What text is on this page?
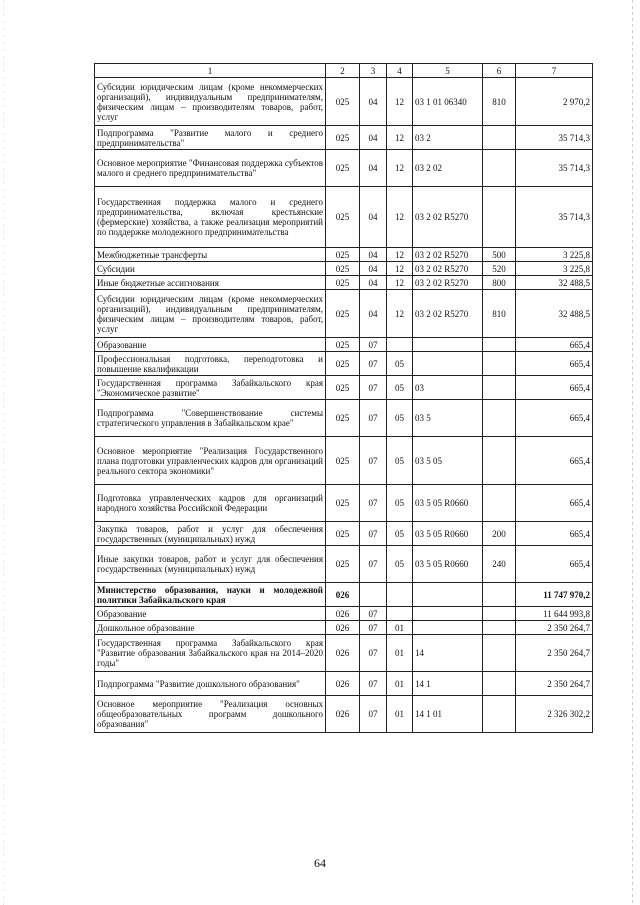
1	2	3	4	5	6	7
Субсидии юридическим лицам (кроме некоммерческих организаций), индивидуальным предпринимателям, физическим лицам – производителям товаров, работ, услуг	025	04	12	03 1 01 06340	810	2 970,2
Подпрограмма "Развитие малого и среднего предпринимательства"	025	04	12	03 2		35 714,3
Основное мероприятие "Финансовая поддержка субъектов малого и среднего предпринимательства"	025	04	12	03 2 02		35 714,3
Государственная поддержка малого и среднего предпринимательства, включая крестьянские (фермерские) хозяйства, а также реализация мероприятий по поддержке молодежного предпринимательства	025	04	12	03 2 02 R5270		35 714,3
Межбюджетные трансферты	025	04	12	03 2 02 R5270	500	3 225,8
Субсидии	025	04	12	03 2 02 R5270	520	3 225,8
Иные бюджетные ассигнования	025	04	12	03 2 02 R5270	800	32 488,5
Субсидии юридическим лицам (кроме некоммерческих организаций), индивидуальным предпринимателям, физическим лицам – производителям товаров, работ, услуг	025	04	12	03 2 02 R5270	810	32 488,5
Образование	025	07				665,4
Профессиональная подготовка, переподготовка и повышение квалификации	025	07	05			665,4
Государственная программа Забайкальского края "Экономическое развитие"	025	07	05	03		665,4
Подпрограмма "Совершенствование системы стратегического управления в Забайкальском крае"	025	07	05	03 5		665,4
Основное мероприятие "Реализация Государственного плана подготовки управленческих кадров для организаций реального сектора экономики"	025	07	05	03 5 05		665,4
Подготовка управленческих кадров для организаций народного хозяйства Российской Федерации	025	07	05	03 5 05 R0660		665,4
Закупка товаров, работ и услуг для обеспечения государственных (муниципальных) нужд	025	07	05	03 5 05 R0660	200	665,4
Иные закупки товаров, работ и услуг для обеспечения государственных (муниципальных) нужд	025	07	05	03 5 05 R0660	240	665,4
Министерство образования, науки и молодежной политики Забайкальского края	026					11 747 970,2
Образование	026	07				11 644 993,8
Дошкольное образование	026	07	01			2 350 264,7
Государственная программа Забайкальского края "Развитие образования Забайкальского края на 2014–2020 годы"	026	07	01	14		2 350 264,7
Подпрограмма "Развитие дошкольного образования"	026	07	01	14 1		2 350 264,7
Основное мероприятие "Реализация основных общеобразовательных программ дошкольного образования"	026	07	01	14 1 01		2 326 302,2
64
